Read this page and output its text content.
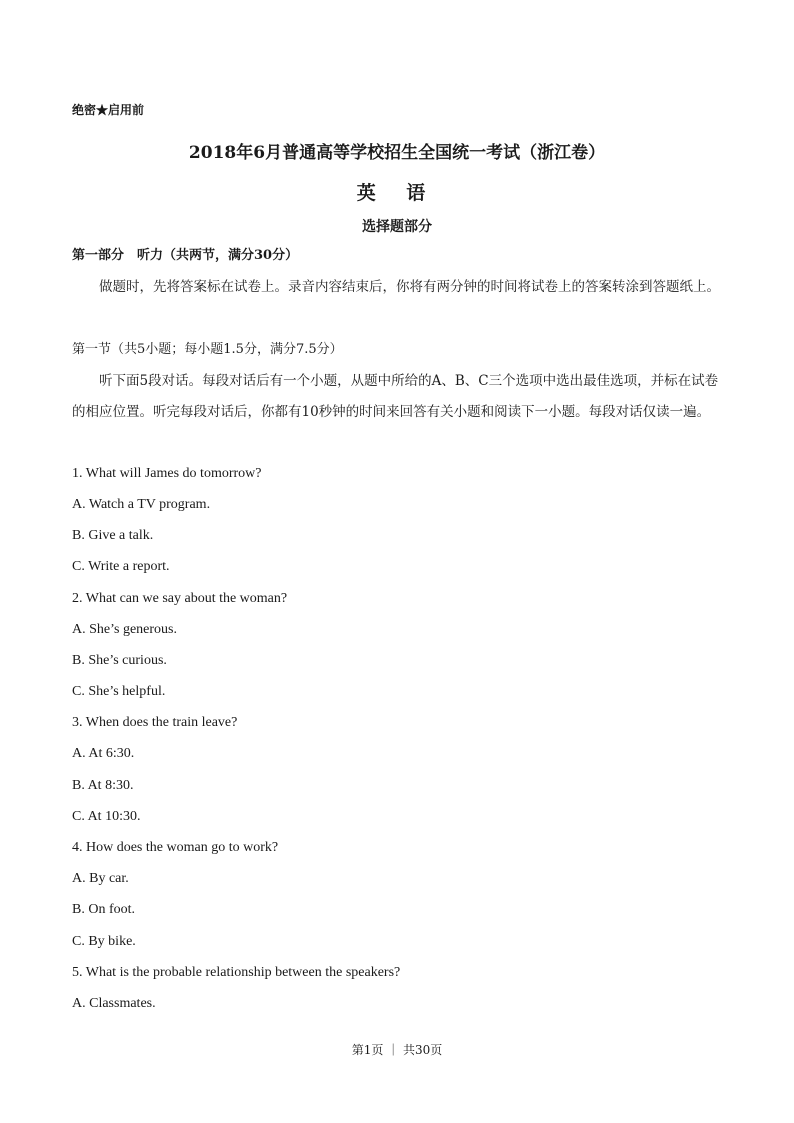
绝密★启用前
2018年6月普通高等学校招生全国统一考试（浙江卷）
英 语
选择题部分
第一部分　听力（共两节，满分30分）
做题时，先将答案标在试卷上。录音内容结束后，你将有两分钟的时间将试卷上的答案转涂到答题纸上。
第一节（共5小题；每小题1.5分，满分7.5分）
听下面5段对话。每段对话后有一个小题，从题中所给的A、B、C三个选项中选出最佳选项，并标在试卷的相应位置。听完每段对话后，你都有10秒钟的时间来回答有关小题和阅读下一小题。每段对话仅读一遍。
1. What will James do tomorrow?
A. Watch a TV program.
B. Give a talk.
C. Write a report.
2. What can we say about the woman?
A. She’s generous.
B. She’s curious.
C. She’s helpful.
3. When does the train leave?
A. At 6:30.
B. At 8:30.
C. At 10:30.
4. How does the woman go to work?
A. By car.
B. On foot.
C. By bike.
5. What is the probable relationship between the speakers?
A. Classmates.
第1页 ｜ 共30页
